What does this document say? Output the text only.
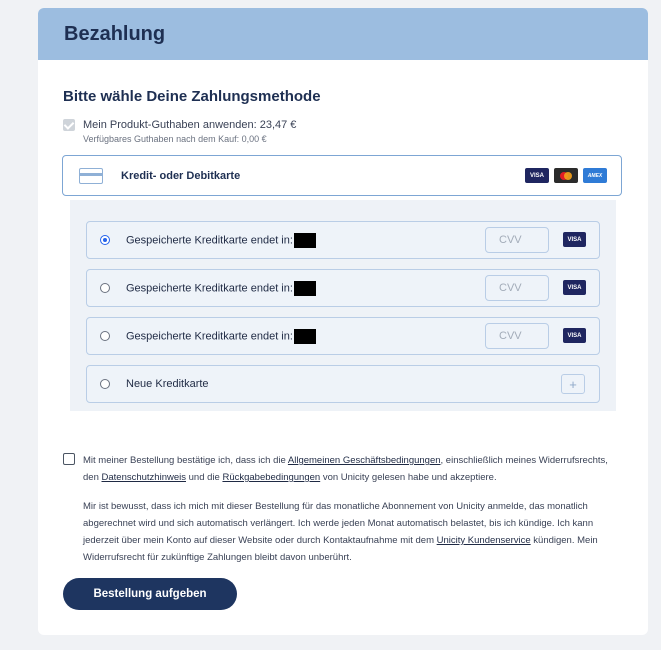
Bezahlung
Bitte wähle Deine Zahlungsmethode
Mein Produkt-Guthaben anwenden: 23,47 €
Verfügbares Guthaben nach dem Kauf: 0,00 €
Kredit- oder Debitkarte	VISA	AMEX
Gespeicherte Kreditkarte endet in:	CVV	VISA
Gespeicherte Kreditkarte endet in:	CVV	VISA
Gespeicherte Kreditkarte endet in:	CVV	VISA
Neue Kreditkarte	+
Mit meiner Bestellung bestätige ich, dass ich die Allgemeinen Geschäftsbedingungen, einschließlich meines Widerrufsrechts, den Datenschutzhinweis und die Rückgabebedingungen von Unicity gelesen habe und akzeptiere.
Mir ist bewusst, dass ich mich mit dieser Bestellung für das monatliche Abonnement von Unicity anmelde, das monatlich abgerechnet wird und sich automatisch verlängert. Ich werde jeden Monat automatisch belastet, bis ich kündige. Ich kann jederzeit über mein Konto auf dieser Website oder durch Kontaktaufnahme mit dem Unicity Kundenservice kündigen. Mein Widerrufsrecht für zukünftige Zahlungen bleibt davon unberührt.
Bestellung aufgeben
